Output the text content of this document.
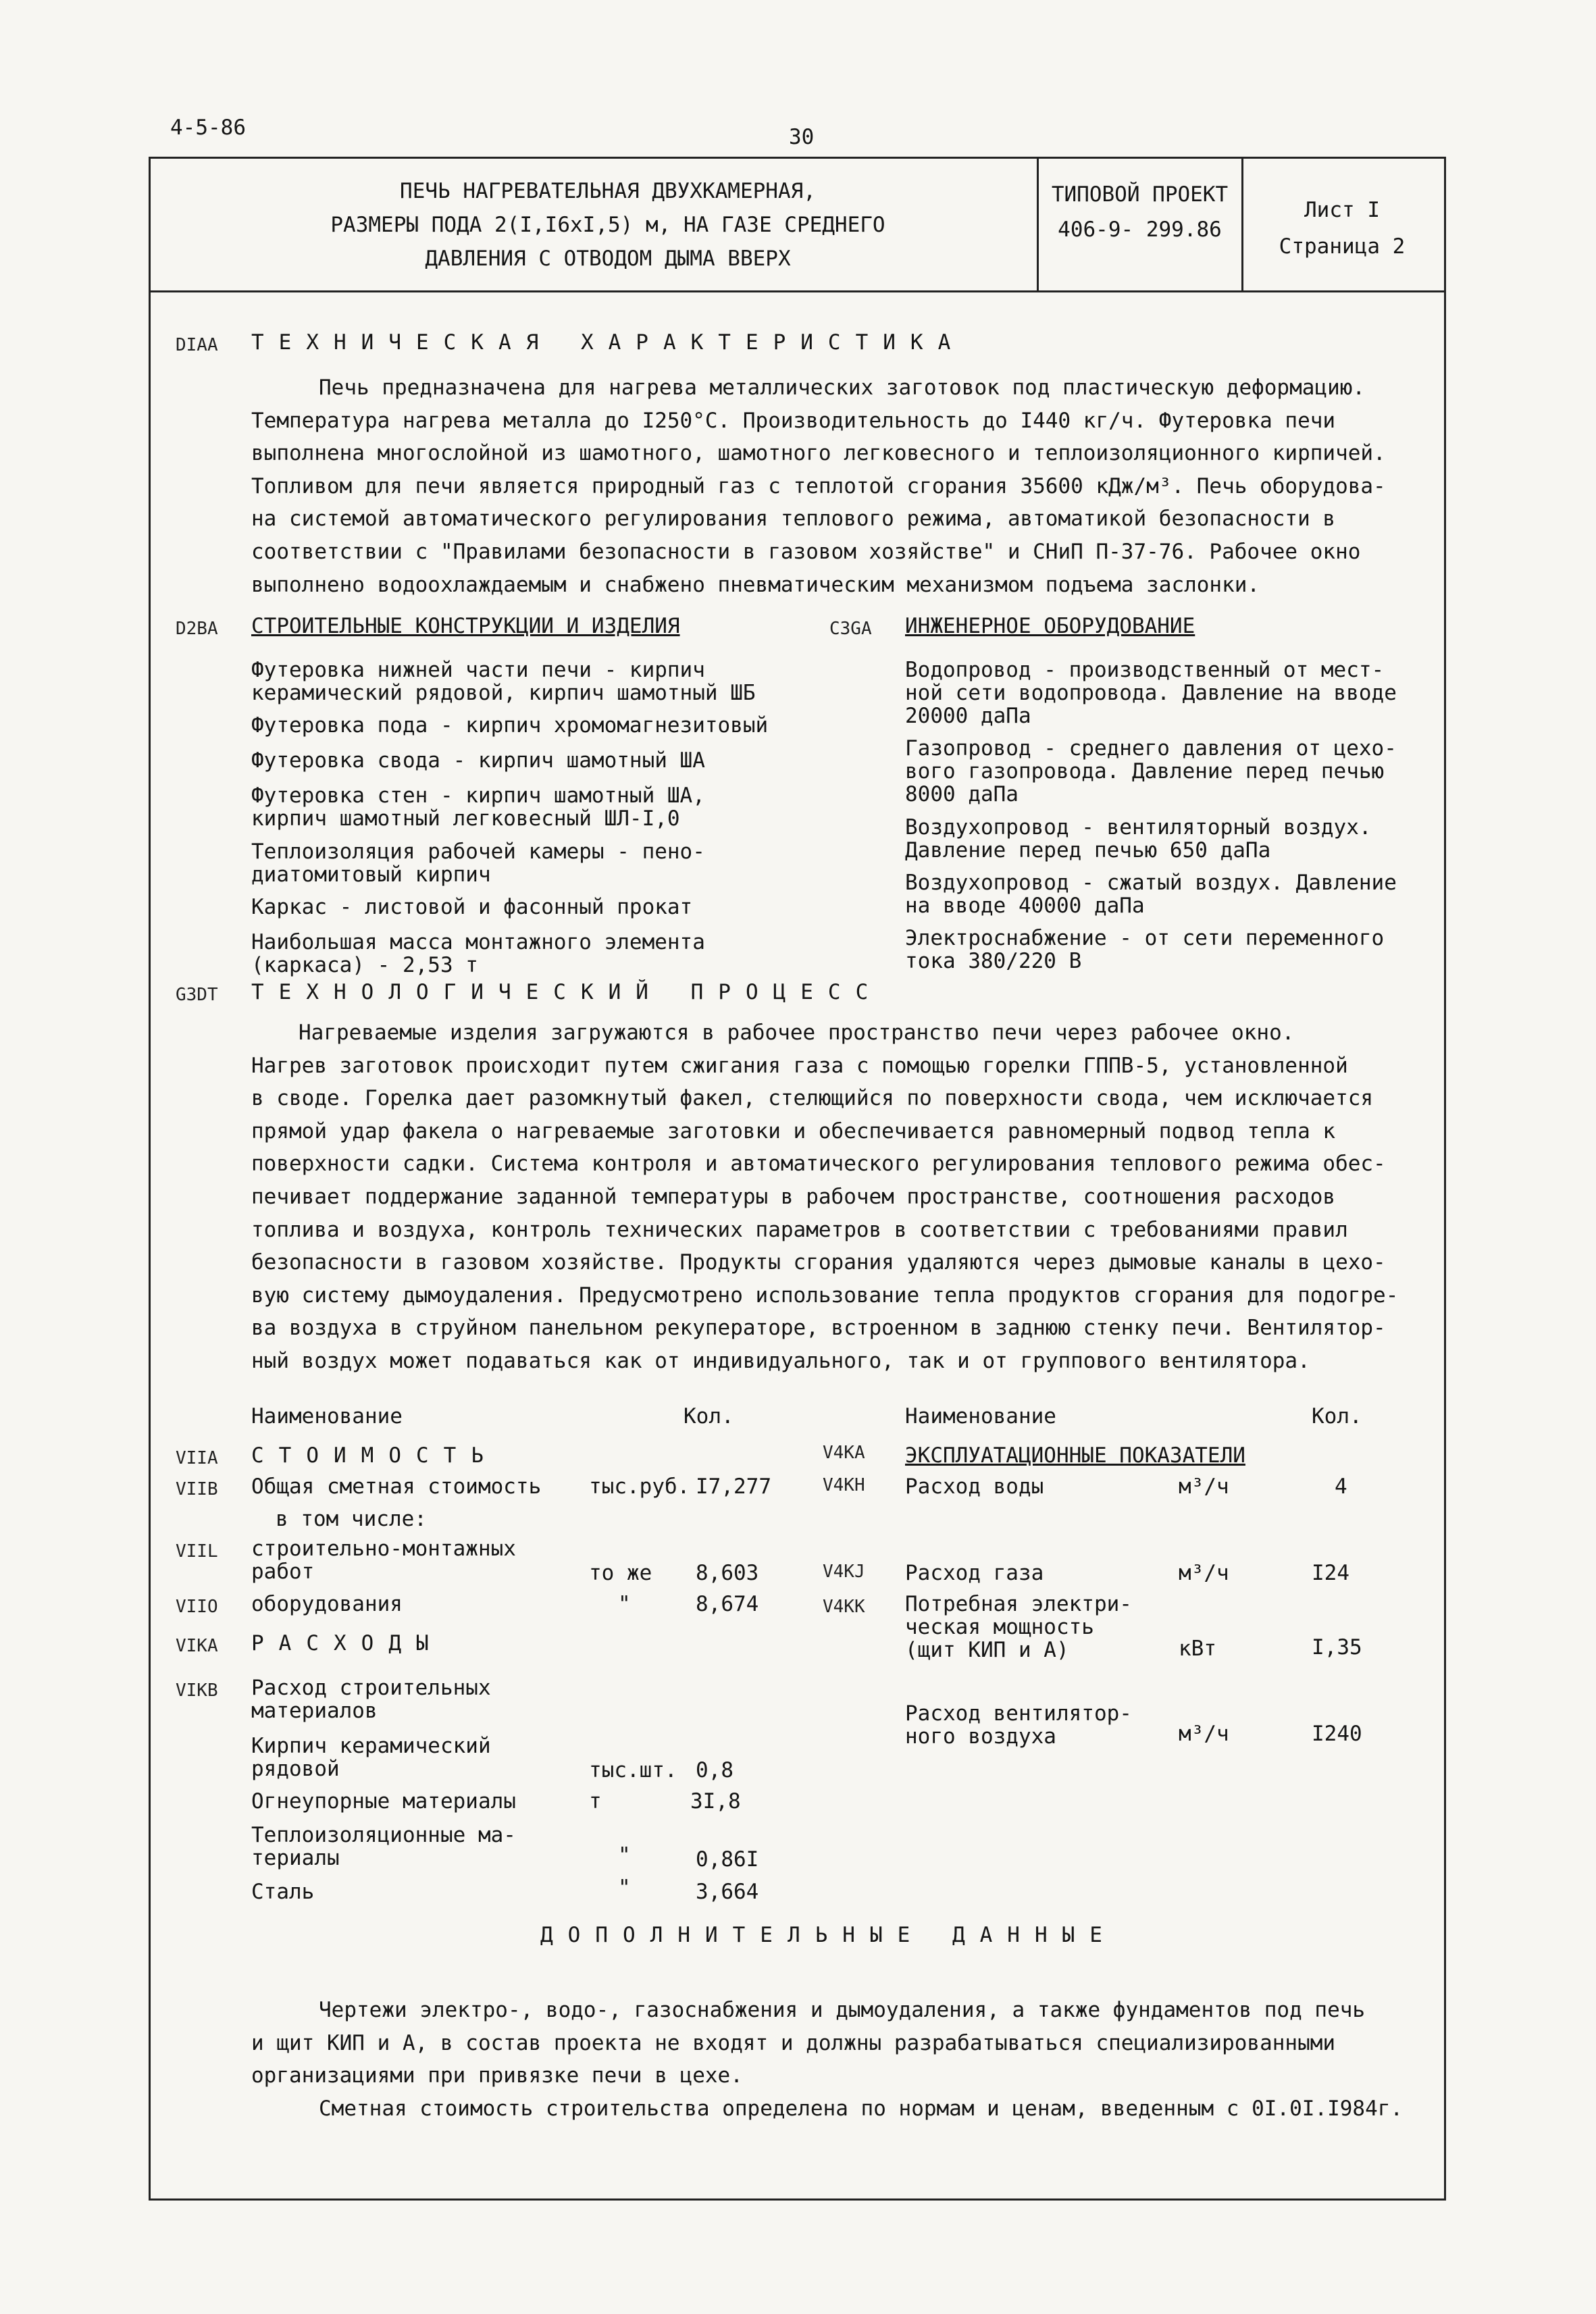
4-5-86	30
ПЕЧЬ НАГРЕВАТЕЛЬНАЯ ДВУХКАМЕРНАЯ,
РАЗМЕРЫ ПОДА 2(I,I6xI,5) м, НА ГАЗЕ СРЕДНЕГО
ДАВЛЕНИЯ С ОТВОДОМ ДЫМА ВВЕРХ
ТИПОВОЙ ПРОЕКТ
406-9- 299.86
Лист I
Страница 2
DIAA ТЕХНИЧЕСКАЯ ХАРАКТЕРИСТИКА
Печь предназначена для нагрева металлических заготовок под пластическую деформацию.
Температура нагрева металла до I250°С. Производительность до I440 кг/ч. Футеровка печи
выполнена многослойной из шамотного, шамотного легковесного и теплоизоляционного кирпичей.
Топливом для печи является природный газ с теплотой сгорания 35600 кДж/м³. Печь оборудова-
на системой автоматического регулирования теплового режима, автоматикой безопасности в
соответствии с "Правилами безопасности в газовом хозяйстве" и СНиП П-37-76. Рабочее окно
выполнено водоохлаждаемым и снабжено пневматическим механизмом подъема заслонки.
D2BA СТРОИТЕЛЬНЫЕ КОНСТРУКЦИИ И ИЗДЕЛИЯ
Футеровка нижней части печи - кирпич
керамический рядовой, кирпич шамотный ШБ
Футеровка пода - кирпич хромомагнезитовый
Футеровка свода - кирпич шамотный ША
Футеровка стен - кирпич шамотный ША,
кирпич шамотный легковесный ШЛ-I,0
Теплоизоляция рабочей камеры - пено-
диатомитовый кирпич
Каркас - листовой и фасонный прокат
Наибольшая масса монтажного элемента
(каркаса) - 2,53 т
C3GA ИНЖЕНЕРНОЕ ОБОРУДОВАНИЕ
Водопровод - производственный от мест-
ной сети водопровода. Давление на вводе
20000 даПа
Газопровод - среднего давления от цехо-
вого газопровода. Давление перед печью
8000 даПа
Воздухопровод - вентиляторный воздух.
Давление перед печью 650 даПа
Воздухопровод - сжатый воздух. Давление
на вводе 40000 даПа
Электроснабжение - от сети переменного
тока 380/220 В
G3DT ТЕХНОЛОГИЧЕСКИЙ ПРОЦЕСС
Нагреваемые изделия загружаются в рабочее пространство печи через рабочее окно.
Нагрев заготовок происходит путем сжигания газа с помощью горелки ГППВ-5, установленной
в своде. Горелка дает разомкнутый факел, стелющийся по поверхности свода, чем исключается
прямой удар факела о нагреваемые заготовки и обеспечивается равномерный подвод тепла к
поверхности садки. Система контроля и автоматического регулирования теплового режима обес-
печивает поддержание заданной температуры в рабочем пространстве, соотношения расходов
топлива и воздуха, контроль технических параметров в соответствии с требованиями правил
безопасности в газовом хозяйстве. Продукты сгорания удаляются через дымовые каналы в цехо-
вую систему дымоудаления. Предусмотрено использование тепла продуктов сгорания для подогре-
ва воздуха в струйном панельном рекуператоре, встроенном в заднюю стенку печи. Вентилятор-
ный воздух может подаваться как от индивидуального, так и от группового вентилятора.
Наименование	Кол.	Наименование	Кол.
VIIA СТОИМОСТЬ
VIIB Общая сметная стоимость тыс.руб. I7,277
в том числе:
VIIL строительно-монтажных
работ	то же 8,603
VIIO оборудования	"	8,674
VIKA РАСХОДЫ
VIKB Расход строительных
материалов
Кирпич керамический
рядовой	тыс.шт. 0,8
Огнеупорные материалы	т	3I,8
Теплоизоляционные ма-
териалы	"	0,86I
Сталь	"	3,664
V4KA ЭКСПЛУАТАЦИОННЫЕ ПОКАЗАТЕЛИ
V4KH Расход воды	м³/ч	4
V4KJ Расход газа	м³/ч	I24
V4KK Потребная электри-
ческая мощность
(щит КИП и А)	кВт	I,35
Расход вентилятор-
ного воздуха	м³/ч	I240
ДОПОЛНИТЕЛЬНЫЕ ДАННЫЕ
Чертежи электро-, водо-, газоснабжения и дымоудаления, а также фундаментов под печь
и щит КИП и А, в состав проекта не входят и должны разрабатываться специализированными
организациями при привязке печи в цехе.
Сметная стоимость строительства определена по нормам и ценам, введенным с 0I.0I.I984г.
